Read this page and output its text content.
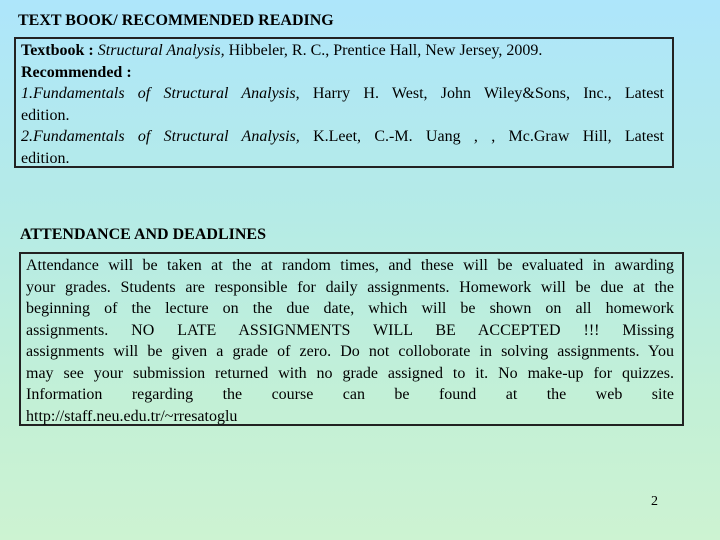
TEXT BOOK/ RECOMMENDED READING

Textbook : Structural Analysis, Hibbeler, R. C., Prentice Hall, New Jersey, 2009.

Recommended :

1.Fundamentals of Structural Analysis, Harry H. West, John Wiley&Sons, Inc., Latest

edition.

2.Fundamentals of Structural Analysis, K.Leet, C.-M. Uang , , Mc.Graw Hill, Latest

edition.

ATTENDANCE AND DEADLINES

Attendance will be taken at the at random times, and these will be evaluated in awarding

your grades. Students are responsible for daily assignments. Homework will be due at the

beginning of the lecture on the due date, which will be shown on all homework

assignments. NO LATE ASSIGNMENTS WILL BE ACCEPTED !!! Missing

assignments will be given a grade of zero. Do not colloborate in solving assignments. You

may see your submission returned with no grade assigned to it. No make-up for quizzes.

Information regarding the course can be found at the web site

http://staff.neu.edu.tr/~rresatoglu

2
